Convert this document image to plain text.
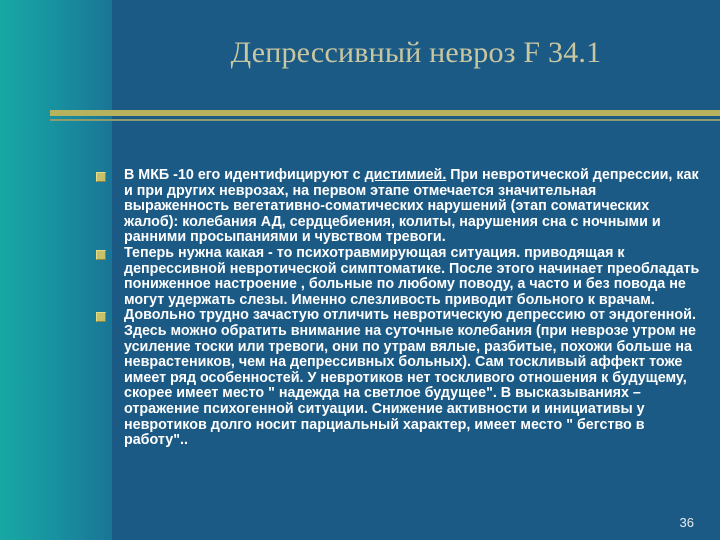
Депрессивный невроз F 34.1
В МКБ -10 его идентифицируют с дистимией. При невротической депрессии, как и при других неврозах, на первом этапе отмечается значительная выраженность вегетативно-соматических нарушений (этап соматических жалоб): колебания АД, сердцебиения, колиты, нарушения сна с ночными и ранними просыпаниями и чувством тревоги.
Теперь нужна какая - то психотравмирующая ситуация. приводящая к депрессивной невротической симптоматике. После этого начинает преобладать пониженное настроение , больные по любому поводу, а часто и без повода не могут удержать слезы. Именно слезливость приводит больного к врачам.
Довольно трудно зачастую отличить невротическую депрессию от эндогенной. Здесь можно обратить внимание на суточные колебания (при неврозе утром не усиление тоски или тревоги, они по утрам вялые, разбитые, похожи больше на неврастеников, чем на депрессивных больных). Сам тоскливый аффект тоже имеет ряд особенностей. У невротиков нет тоскливого отношения к будущему, скорее имеет место " надежда на светлое будущее". В высказываниях – отражение психогенной ситуации. Снижение активности и инициативы у невротиков долго носит парциальный характер, имеет место " бегство в работу"..
36
